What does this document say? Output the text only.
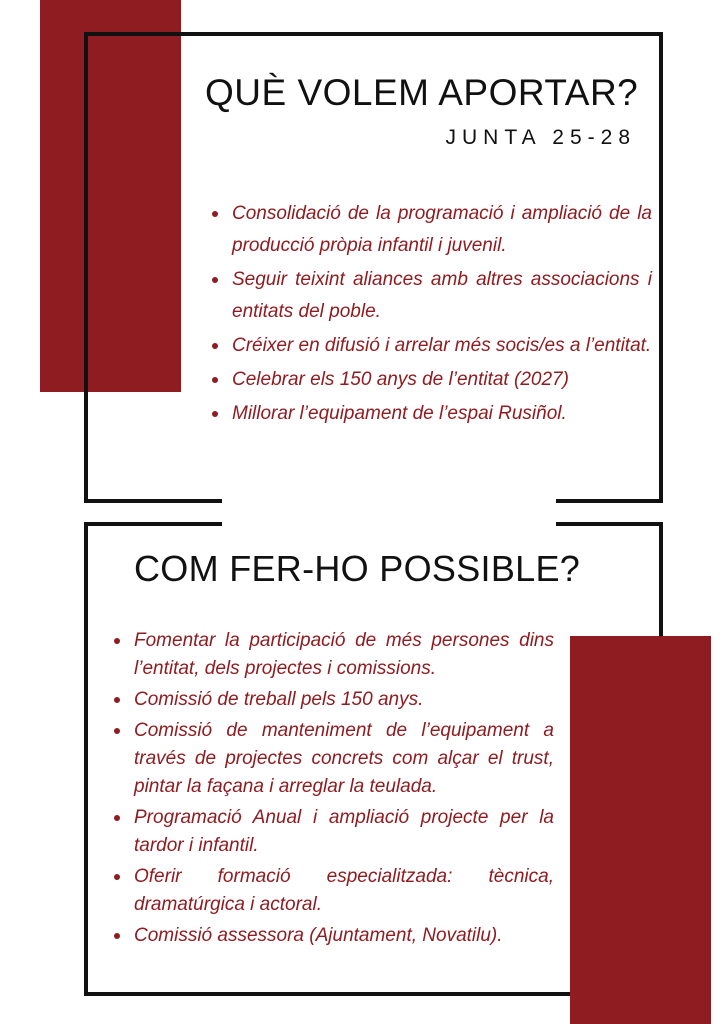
QUÈ VOLEM APORTAR?
JUNTA 25-28
Consolidació de la programació i ampliació de la producció pròpia infantil i juvenil.
Seguir teixint aliances amb altres associacions i entitats del poble.
Créixer en difusió i arrelar més socis/es a l’entitat.
Celebrar els 150 anys de l’entitat (2027)
Millorar l’equipament de l’espai Rusiñol.
COM FER-HO POSSIBLE?
Fomentar la participació de més persones dins l’entitat, dels projectes i comissions.
Comissió de treball pels 150 anys.
Comissió de manteniment de l’equipament a través de projectes concrets com alçar el trust, pintar la façana i arreglar la teulada.
Programació Anual i ampliació projecte per la tardor i infantil.
Oferir formació especialitzada: tècnica, dramatúrgica i actoral.
Comissió assessora (Ajuntament, Novatilu).
